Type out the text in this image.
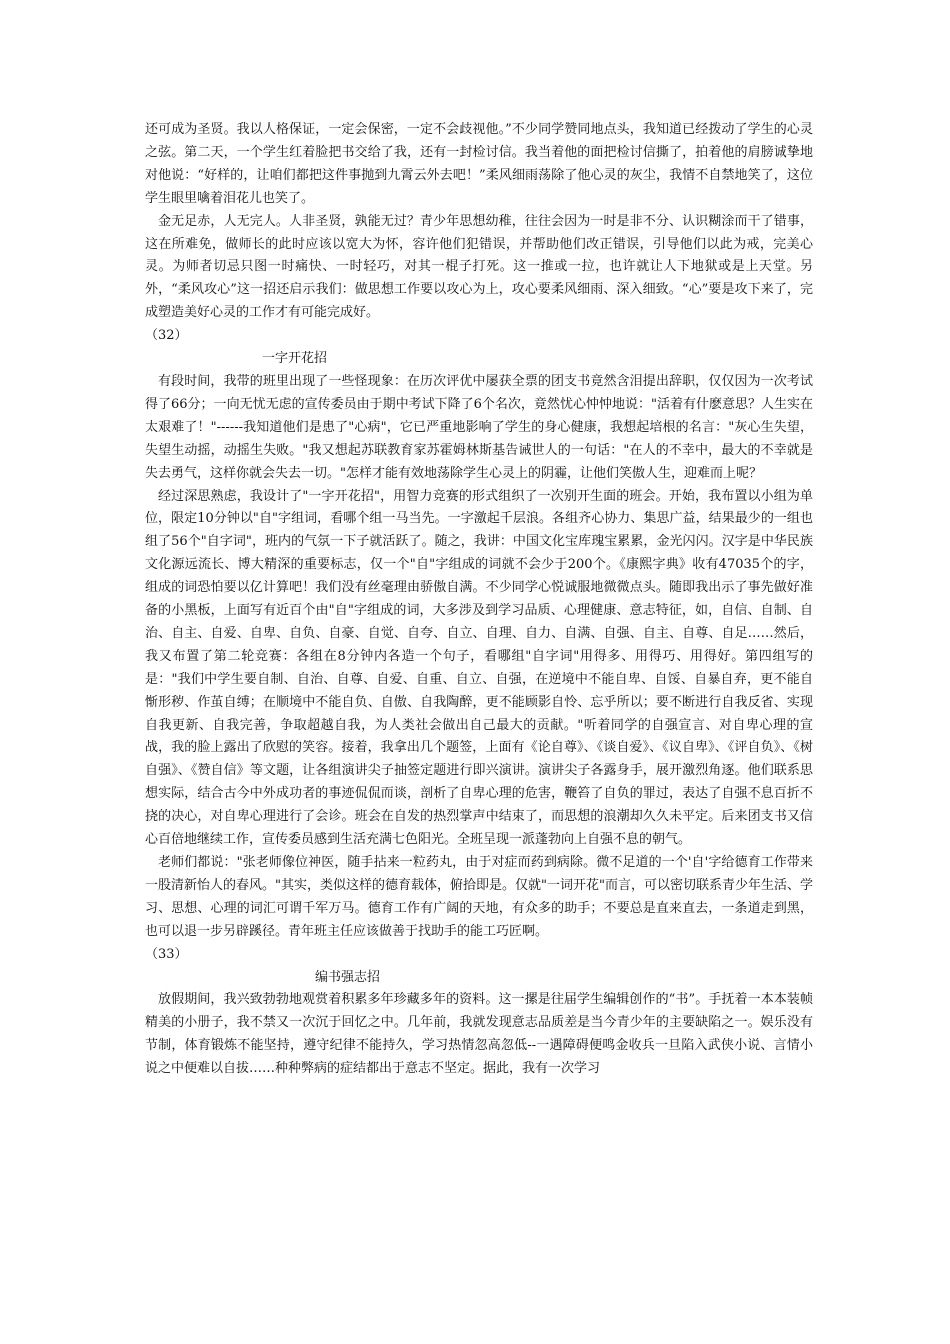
还可成为圣贤。我以人格保证，一定会保密，一定不会歧视他。”不少同学赞同地点头，我知道已经拨动了学生的心灵之弦。第二天，一个学生红着脸把书交给了我，还有一封检讨信。我当着他的面把检讨信撕了，拍着他的肩膀诚挚地对他说：“好样的，让咱们都把这件事抛到九霄云外去吧！”柔风细雨荡除了他心灵的灰尘，我情不自禁地笑了，这位学生眼里噙着泪花儿也笑了。

金无足赤，人无完人。人非圣贤，孰能无过？青少年思想幼稚，往往会因为一时是非不分、认识糊涂而干了错事，这在所难免，做师长的此时应该以宽大为怀，容许他们犯错误，并帮助他们改正错误，引导他们以此为戒，完美心灵。为师者切忌只图一时痛快、一时轻巧，对其一棍子打死。这一推或一拉，也许就让人下地狱或是上天堂。另外，“柔风攻心”这一招还启示我们：做思想工作要以攻心为上，攻心要柔风细雨、深入细致。“心”要是攻下来了，完成塑造美好心灵的工作才有可能完成好。

（32）

一字开花招

有段时间，我带的班里出现了一些怪现象：在历次评优中屡获全票的团支书竟然含泪提出辞职，仅仅因为一次考试得了66分；一向无忧无虑的宣传委员由于期中考试下降了6个名次，竟然忧心忡忡地说："活着有什麽意思？人生实在太艰难了！"------我知道他们是患了"心病"，它已严重地影响了学生的身心健康，我想起培根的名言："灰心生失望，失望生动摇，动摇生失败。"我又想起苏联教育家苏霍姆林斯基告诫世人的一句话："在人的不幸中，最大的不幸就是失去勇气，这样你就会失去一切。"怎样才能有效地荡除学生心灵上的阴霾，让他们笑傲人生，迎难而上呢？

经过深思熟虑，我设计了"一字开花招"，用智力竞赛的形式组织了一次别开生面的班会。开始，我布置以小组为单位，限定10分钟以"自"字组词，看哪个组一马当先。一字激起千层浪。各组齐心协力、集思广益，结果最少的一组也组了56个"自字词"，班内的气氛一下子就活跃了。随之，我讲：中国文化宝库瑰宝累累，金光闪闪。汉字是中华民族文化源远流长、博大精深的重要标志，仅一个"自"字组成的词就不会少于200个。《康熙字典》收有47035个的字，组成的词恐怕要以亿计算吧！我们没有丝毫理由骄傲自满。不少同学心悦诚服地微微点头。随即我出示了事先做好准备的小黑板，上面写有近百个由"自"字组成的词，大多涉及到学习品质、心理健康、意志特征，如，自信、自制、自治、自主、自爱、自卑、自负、自豪、自觉、自夸、自立、自理、自力、自满、自强、自主、自尊、自足……然后，我又布置了第二轮竞赛：各组在8分钟内各造一个句子，看哪组"自字词"用得多、用得巧、用得好。第四组写的是："我们中学生要自制、自治、自尊、自爱、自重、自立、自强，在逆境中不能自卑、自馁、自暴自弃，更不能自惭形秽、作茧自缚；在顺境中不能自负、自傲、自我陶醉，更不能顾影自怜、忘乎所以；要不断进行自我反省、实现自我更新、自我完善，争取超越自我，为人类社会做出自己最大的贡献。"听着同学的自强宣言、对自卑心理的宣战，我的脸上露出了欣慰的笑容。接着，我拿出几个题签，上面有《论自尊》、《谈自爱》、《议自卑》、《评自负》、《树自强》、《赞自信》等文题，让各组演讲尖子抽签定题进行即兴演讲。演讲尖子各露身手，展开激烈角逐。他们联系思想实际，结合古今中外成功者的事迹侃侃而谈，剖析了自卑心理的危害，鞭笞了自负的罪过，表达了自强不息百折不挠的决心，对自卑心理进行了会诊。班会在自发的热烈掌声中结束了，而思想的浪潮却久久未平定。后来团支书又信心百倍地继续工作，宣传委员感到生活充满七色阳光。全班呈现一派蓬勃向上自强不息的朝气。

老师们都说："张老师像位神医，随手拈来一粒药丸，由于对症而药到病除。微不足道的一个'自'字给德育工作带来一股清新怡人的春风。"其实，类似这样的德育载体，俯拾即是。仅就"一词开花"而言，可以密切联系青少年生活、学习、思想、心理的词汇可谓千军万马。德育工作有广阔的天地，有众多的助手；不要总是直来直去，一条道走到黑，也可以退一步另辟蹊径。青年班主任应该做善于找助手的能工巧匠啊。

（33）

编书强志招

放假期间，我兴致勃勃地观赏着积累多年珍藏多年的资料。这一摞是往届学生编辑创作的“书”。手抚着一本本装帧精美的小册子，我不禁又一次沉于回忆之中。几年前，我就发现意志品质差是当今青少年的主要缺陷之一。娱乐没有节制，体育锻炼不能坚持，遵守纪律不能持久，学习热情忽高忽低--一遇障碍便鸣金收兵一旦陷入武侠小说、言情小说之中便难以自拔……种种弊病的症结都出于意志不坚定。据此，我有一次学习
